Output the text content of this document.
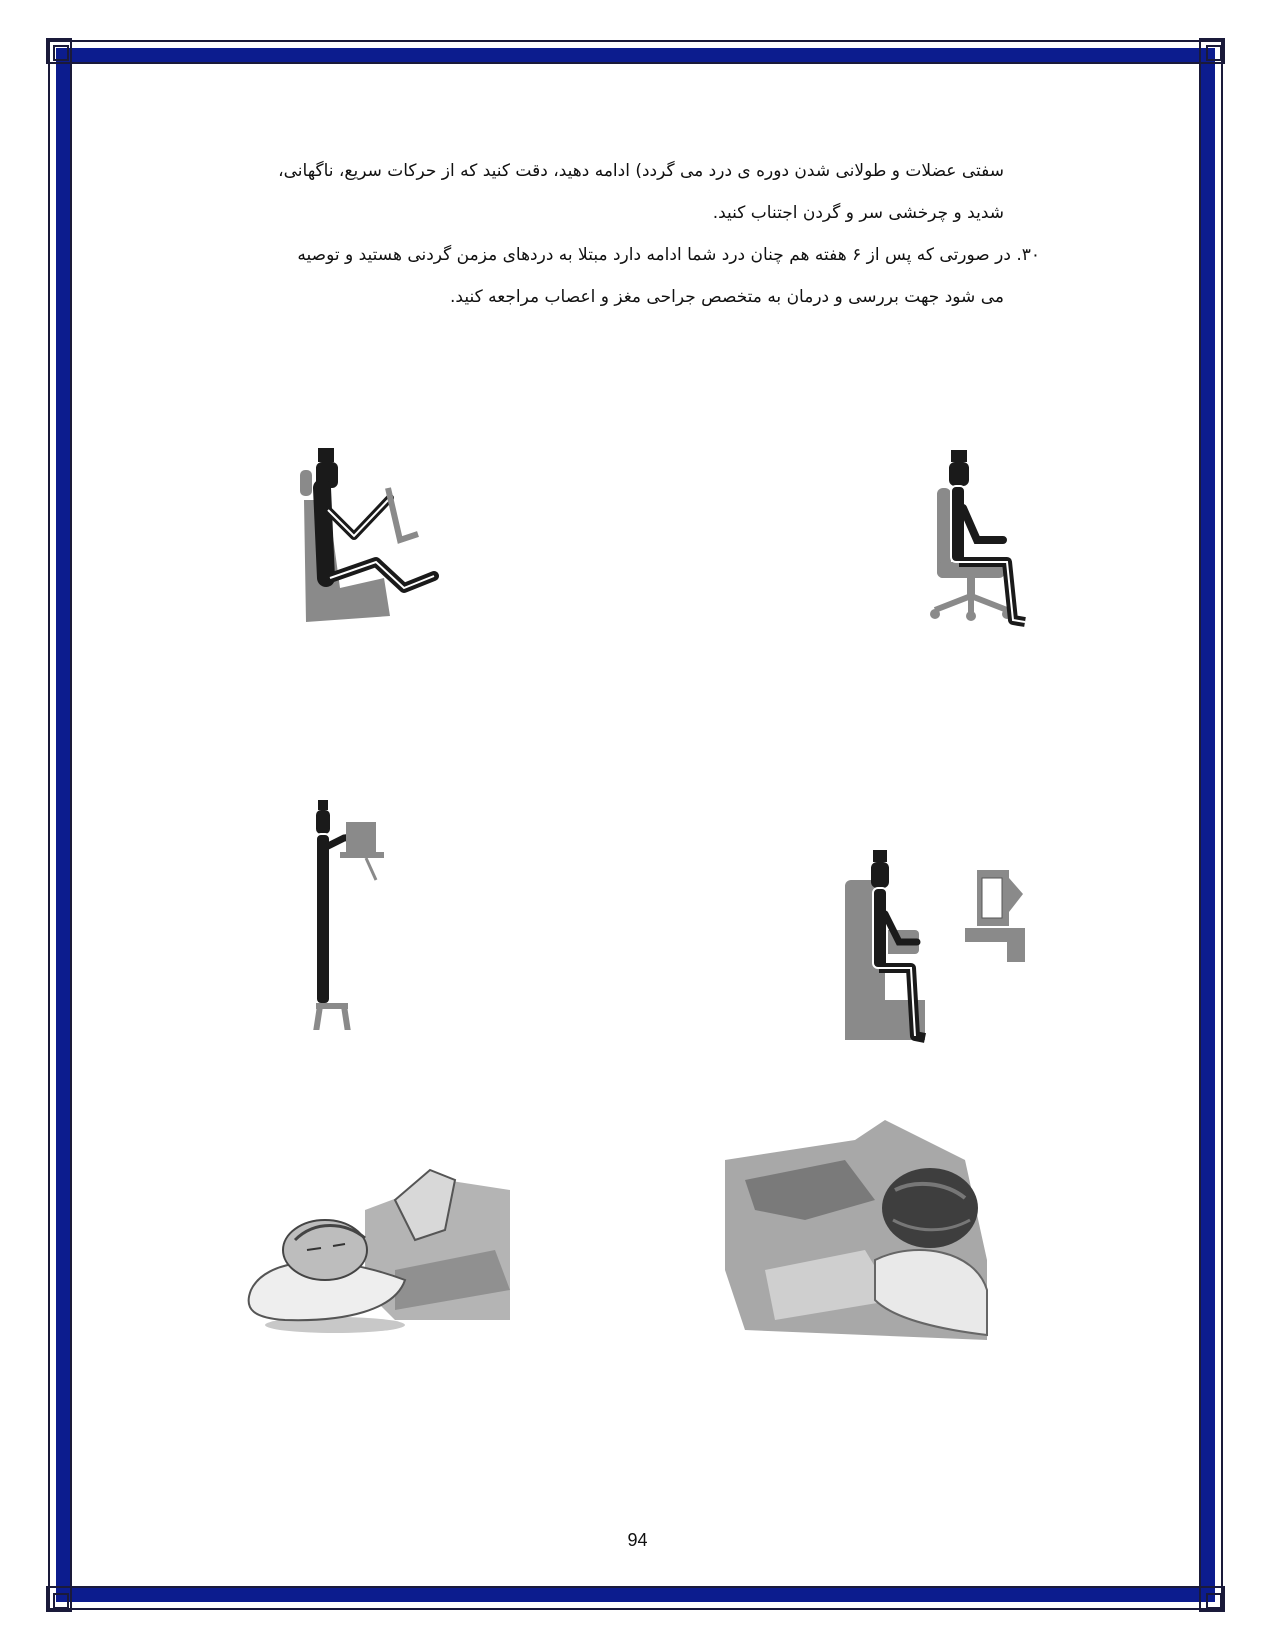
سفتی عضلات و طولانی شدن دوره ی درد می گردد) ادامه دهید، دقت کنید که از حرکات سریع، ناگهانی،
شدید و چرخشی سر و گردن اجتناب کنید.
۳۰. در صورتی که پس از ۶ هفته هم چنان درد شما ادامه دارد مبتلا به دردهای مزمن گردنی هستید و توصیه
می شود جهت بررسی و درمان به متخصص جراحی مغز و اعصاب مراجعه کنید.
94
